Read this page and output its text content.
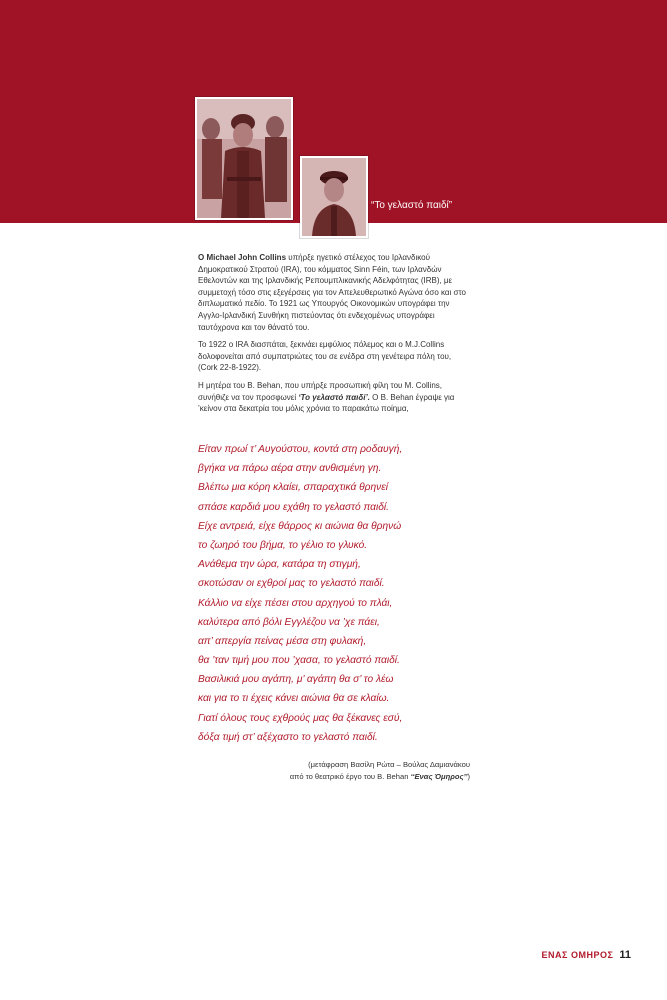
“Το γελαστό παιδί”

Ο Michael John Collins υπήρξε ηγετικό στέλεχος του Ιρλανδικού Δημοκρατικού Στρατού (IRA), του κόμματος Sinn Féin, των Ιρλανδών Εθελοντών και της Ιρλανδικής Ρεπουμπλικανικής Αδελφότητας (IRB), με συμμετοχή τόσο στις εξεγέρσεις για τον Απελευθερωτικό Αγώνα όσο και στο διπλωματικό πεδίο. Το 1921 ως Υπουργός Οικονομικών υπογράφει την Αγγλο-Ιρλανδική Συνθήκη πιστεύοντας ότι ενδεχομένως υπογράφει ταυτόχρονα και τον θάνατό του.

Το 1922 ο IRA διασπάται, ξεκινάει εμφύλιος πόλεμος και ο M.J.Collins δολοφονείται από συμπατριώτες του σε ενέδρα στη γενέτειρα πόλη του, (Cork 22-8-1922).

Η μητέρα του Β. Behan, που υπήρξε προσωπική φίλη του M. Collins, συνήθιζε να τον προσφωνεί ‘Το γελαστό παιδί’. Ο Β. Behan έγραψε για ’κείνον στα δεκατρία του μόλις χρόνια το παρακάτω ποίημα,

Είταν πρωί τ’ Αυγούστου, κοντά στη ροδαυγή,
βγήκα να πάρω αέρα στην ανθισμένη γη.
Βλέπω μια κόρη κλαίει, σπαραχτικά θρηνεί
σπάσε καρδιά μου εχάθη το γελαστό παιδί.
Είχε αντρειά, είχε θάρρος κι αιώνια θα θρηνώ
το ζωηρό του βήμα, το γέλιο το γλυκό.
Ανάθεμα την ώρα, κατάρα τη στιγμή,
σκοτώσαν οι εχθροί μας το γελαστό παιδί.
Κάλλιο να είχε πέσει στου αρχηγού το πλάι,
καλύτερα από βόλι Εγγλέζου να ’χε πάει,
απ’ απεργία πείνας μέσα στη φυλακή,
θα ’ταν τιμή μου που ’χασα, το γελαστό παιδί.
Βασιλικιά μου αγάπη, μ’ αγάπη θα σ’ το λέω
και για το τι έχεις κάνει αιώνια θα σε κλαίω.
Γιατί όλους τους εχθρούς μας θα ξέκανες εσύ,
δόξα τιμή στ’ αξέχαστο το γελαστό παιδί.
(μετάφραση Βασίλη Ρώτα – Βούλας Δαμιανάκου
από το θεατρικό έργο του Β. Behan ‘‘Ενας Όμηρος’’)
ΕΝΑΣ ΟΜΗΡΟΣ 11
